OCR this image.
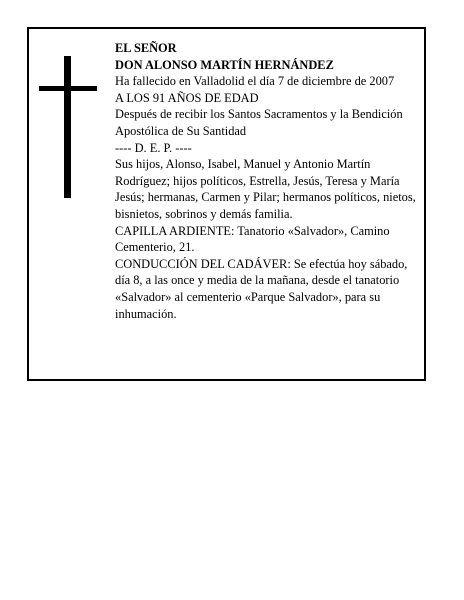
EL SEÑOR

DON ALONSO MARTÍN HERNÁNDEZ

Ha fallecido en Valladolid el día 7 de diciembre de 2007

A LOS 91 AÑOS DE EDAD

Después de recibir los Santos Sacramentos y la Bendición Apostólica de Su Santidad

---- D. E. P. ----

Sus hijos, Alonso, Isabel, Manuel y Antonio Martín Rodríguez; hijos políticos, Estrella, Jesús, Teresa y María Jesús; hermanas, Carmen y Pilar; hermanos políticos, nietos, bisnietos, sobrinos y demás familia.

CAPILLA ARDIENTE: Tanatorio «Salvador», Camino Cementerio, 21.

CONDUCCIÓN DEL CADÁVER: Se efectúa hoy sábado, día 8, a las once y media de la mañana, desde el tanatorio «Salvador» al cementerio «Parque Salvador», para su inhumación.
